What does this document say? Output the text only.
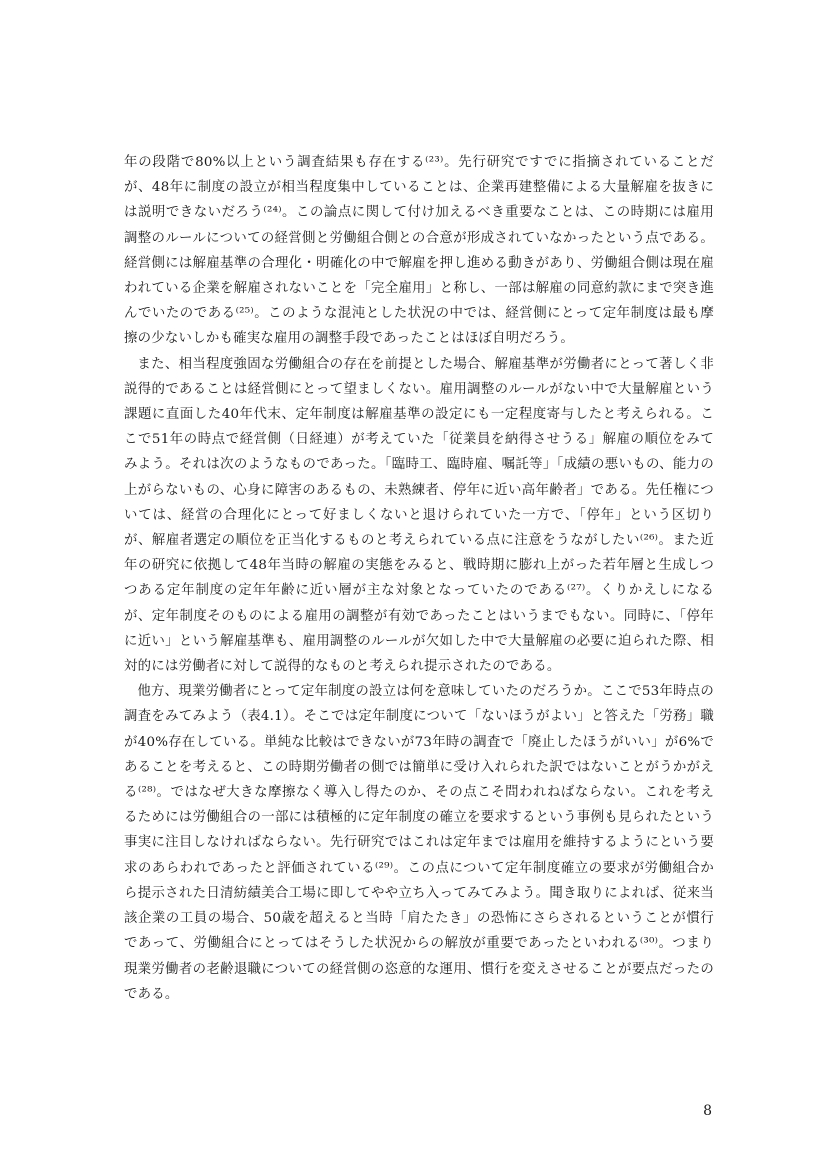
年の段階で80%以上という調査結果も存在する⁽²³⁾。先行研究ですでに指摘されていることだが、48年に制度の設立が相当程度集中していることは、企業再建整備による大量解雇を抜きには説明できないだろう⁽²⁴⁾。この論点に関して付け加えるべき重要なことは、この時期には雇用調整のルールについての経営側と労働組合側との合意が形成されていなかったという点である。経営側には解雇基準の合理化・明確化の中で解雇を押し進める動きがあり、労働組合側は現在雇われている企業を解雇されないことを「完全雇用」と称し、一部は解雇の同意約款にまで突き進んでいたのである⁽²⁵⁾。このような混沌とした状況の中では、経営側にとって定年制度は最も摩擦の少ないしかも確実な雇用の調整手段であったことはほぼ自明だろう。

また、相当程度強固な労働組合の存在を前提とした場合、解雇基準が労働者にとって著しく非説得的であることは経営側にとって望ましくない。雇用調整のルールがない中で大量解雇という課題に直面した40年代末、定年制度は解雇基準の設定にも一定程度寄与したと考えられる。ここで51年の時点で経営側（日経連）が考えていた「従業員を納得させうる」解雇の順位をみてみよう。それは次のようなものであった。「臨時工、臨時雇、嘱託等」「成績の悪いもの、能力の上がらないもの、心身に障害のあるもの、未熟練者、停年に近い高年齢者」である。先任権については、経営の合理化にとって好ましくないと退けられていた一方で、「停年」という区切りが、解雇者選定の順位を正当化するものと考えられている点に注意をうながしたい⁽²⁶⁾。また近年の研究に依拠して48年当時の解雇の実態をみると、戦時期に膨れ上がった若年層と生成しつつある定年制度の定年年齢に近い層が主な対象となっていたのである⁽²⁷⁾。くりかえしになるが、定年制度そのものによる雇用の調整が有効であったことはいうまでもない。同時に、「停年に近い」という解雇基準も、雇用調整のルールが欠如した中で大量解雇の必要に迫られた際、相対的には労働者に対して説得的なものと考えられ提示されたのである。

他方、現業労働者にとって定年制度の設立は何を意味していたのだろうか。ここで53年時点の調査をみてみよう（表4.1）。そこでは定年制度について「ないほうがよい」と答えた「労務」職が40%存在している。単純な比較はできないが73年時の調査で「廃止したほうがいい」が6%であることを考えると、この時期労働者の側では簡単に受け入れられた訳ではないことがうかがえる⁽²⁸⁾。ではなぜ大きな摩擦なく導入し得たのか、その点こそ問われねばならない。これを考えるためには労働組合の一部には積極的に定年制度の確立を要求するという事例も見られたという事実に注目しなければならない。先行研究ではこれは定年までは雇用を維持するようにという要求のあらわれであったと評価されている⁽²⁹⁾。この点について定年制度確立の要求が労働組合から提示された日清紡績美合工場に即してやや立ち入ってみてみよう。聞き取りによれば、従来当該企業の工員の場合、50歳を超えると当時「肩たたき」の恐怖にさらされるということが慣行であって、労働組合にとってはそうした状況からの解放が重要であったといわれる⁽³⁰⁾。つまり現業労働者の老齢退職についての経営側の恣意的な運用、慣行を変えさせることが要点だったのである。

8
